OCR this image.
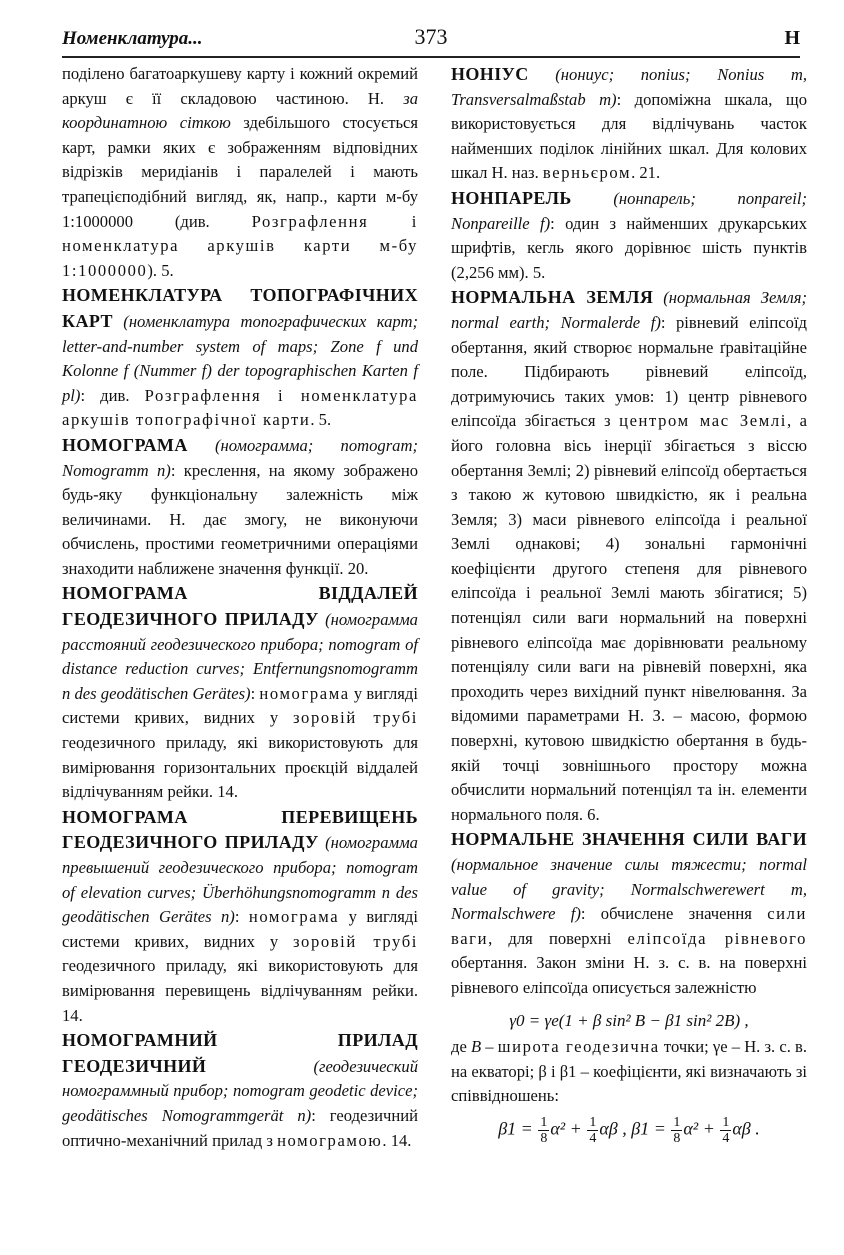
Номенклатура...	373	Н

поділено багатоаркушеву карту і кожний окремий аркуш є її складовою частиною. Н. за координатною сіткою здебільшого стосується карт, рамки яких є зображенням відповідних відрізків меридіанів і паралелей і мають трапецієподібний вигляд, як, напр., карти м-бу 1:1000000 (див. Розграфлення і номенклатура аркушів карти м-бу 1:1000000). 5.

НОМЕНКЛАТУРА ТОПОГРАФІЧНИХ КАРТ (номенклатура топографических карт; letter-and-number system of maps; Zone f und Kolonne f (Nummer f) der topographischen Karten f pl): див. Розграфлення і номенклатура аркушів топографічної карти. 5.

НОМОГРАМА (номограмма; nomogram; Nomogramm n): креслення, на якому зображено будь-яку функціональну залежність між величинами. Н. дає змогу, не виконуючи обчислень, простими геометричними операціями знаходити наближене значення функції. 20.

НОМОГРАМА ВІДДАЛЕЙ ГЕОДЕЗИЧНОГО ПРИЛАДУ (номограмма расстояний геодезического прибора; nomogram of distance reduction curves; Entfernungsnomogramm n des geodätischen Gerätes): номограма у вигляді системи кривих, видних у зоровій трубі геодезичного приладу, які використовують для вимірювання горизонтальних проєкцій віддалей відлічуванням рейки. 14.

НОМОГРАМА ПЕРЕВИЩЕНЬ ГЕОДЕЗИЧНОГО ПРИЛАДУ (номограмма превышений геодезического прибора; nomogram of elevation curves; Überhöhungsnomogramm n des geodätischen Gerätes n): номограма у вигляді системи кривих, видних у зоровій трубі геодезичного приладу, які використовують для вимірювання перевищень відлічуванням рейки. 14.

НОМОГРАМНИЙ ПРИЛАД ГЕОДЕЗИЧНИЙ (геодезический номограммный прибор; nomogram geodetic device; geodätisches Nomogrammgerät n): геодезичний оптично-механічний прилад з номограмою. 14.

НОНІУС (нониус; nonius; Nonius m, Transversalmaßstab m): допоміжна шкала, що використовується для відлічувань часток найменших поділок лінійних шкал. Для колових шкал Н. наз. верньєром. 21.

НОНПАРЕЛЬ (нонпарель; nonpareil; Nonpareille f): один з найменших друкарських шрифтів, кегль якого дорівнює шість пунктів (2,256 мм). 5.

НОРМАЛЬНА ЗЕМЛЯ (нормальная Земля; normal earth; Normalerde f): рівневий еліпсоїд обертання, який створює нормальне ґравітаційне поле. Підбирають рівневий еліпсоїд, дотримуючись таких умов: 1) центр рівневого еліпсоїда збігається з центром мас Землі, а його головна вісь інерції збігається з віссю обертання Землі; 2) рівневий еліпсоїд обертається з такою ж кутовою швидкістю, як і реальна Земля; 3) маси рівневого еліпсоїда і реальної Землі однакові; 4) зональні гармонічні коефіцієнти другого степеня для рівневого еліпсоїда і реальної Землі мають збігатися; 5) потенціял сили ваги нормальний на поверхні рівневого еліпсоїда має дорівнювати реальному потенціялу сили ваги на рівневій поверхні, яка проходить через вихідний пункт нівелювання. За відомими параметрами Н. З. – масою, формою поверхні, кутовою швидкістю обертання в будь-якій точці зовнішнього простору можна обчислити нормальний потенціял та ін. елементи нормального поля. 6.

НОРМАЛЬНЕ ЗНАЧЕННЯ СИЛИ ВАГИ (нормальное значение силы тяжести; normal value of gravity; Normalschwerewert m, Normalschwere f): обчислене значення сили ваги, для поверхні еліпсоїда рівневого обертання. Закон зміни Н. з. с. в. на поверхні рівневого еліпсоїда описується залежністю

γ0 = γe(1 + β sin² B − β1 sin² 2B) ,

де B – широта геодезична точки; γe – Н. з. с. в. на екваторі; β і β1 – коефіцієнти, які визначають зі співвідношень:

$\beta 1 = \frac{1}{8} \alpha^2 + \frac{1}{4}$ αβ , $\beta 1 = \frac{1}{8} \alpha^2 + \frac{1}{4}$ αβ .
